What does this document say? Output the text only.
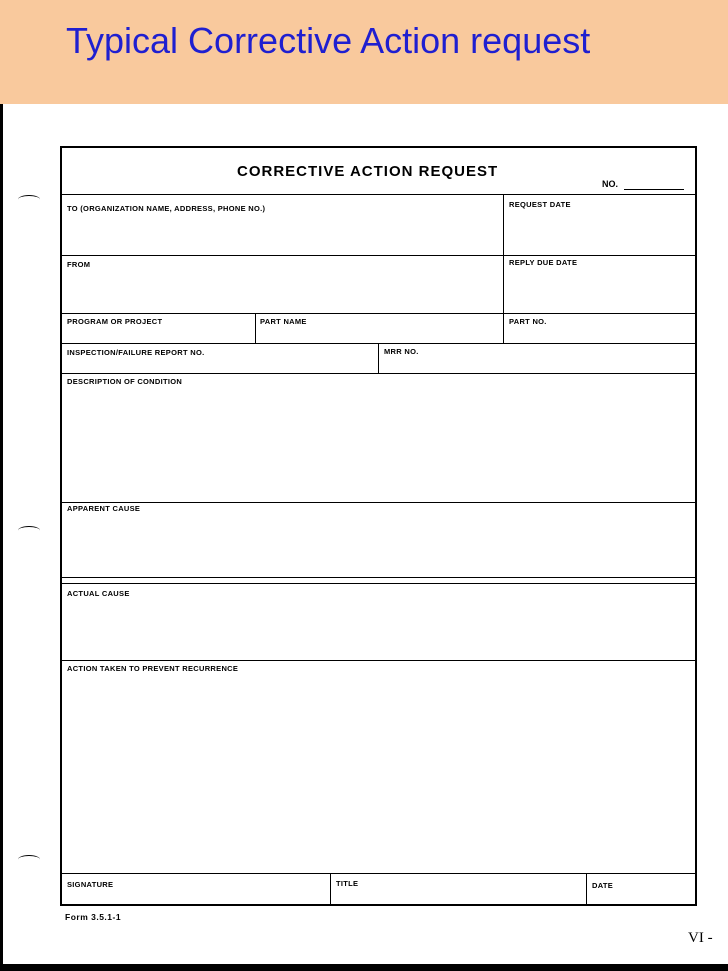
Typical Corrective Action request
CORRECTIVE ACTION REQUEST
NO.
TO (ORGANIZATION NAME, ADDRESS, PHONE NO.)	REQUEST DATE
FROM	REPLY DUE DATE
PROGRAM OR PROJECT	PART NAME	PART NO.
INSPECTION/FAILURE REPORT NO.	MRR NO.
DESCRIPTION OF CONDITION
APPARENT CAUSE
ACTUAL CAUSE
ACTION TAKEN TO PREVENT RECURRENCE
SIGNATURE	TITLE	DATE
Form 3.5.1-1
VI -
